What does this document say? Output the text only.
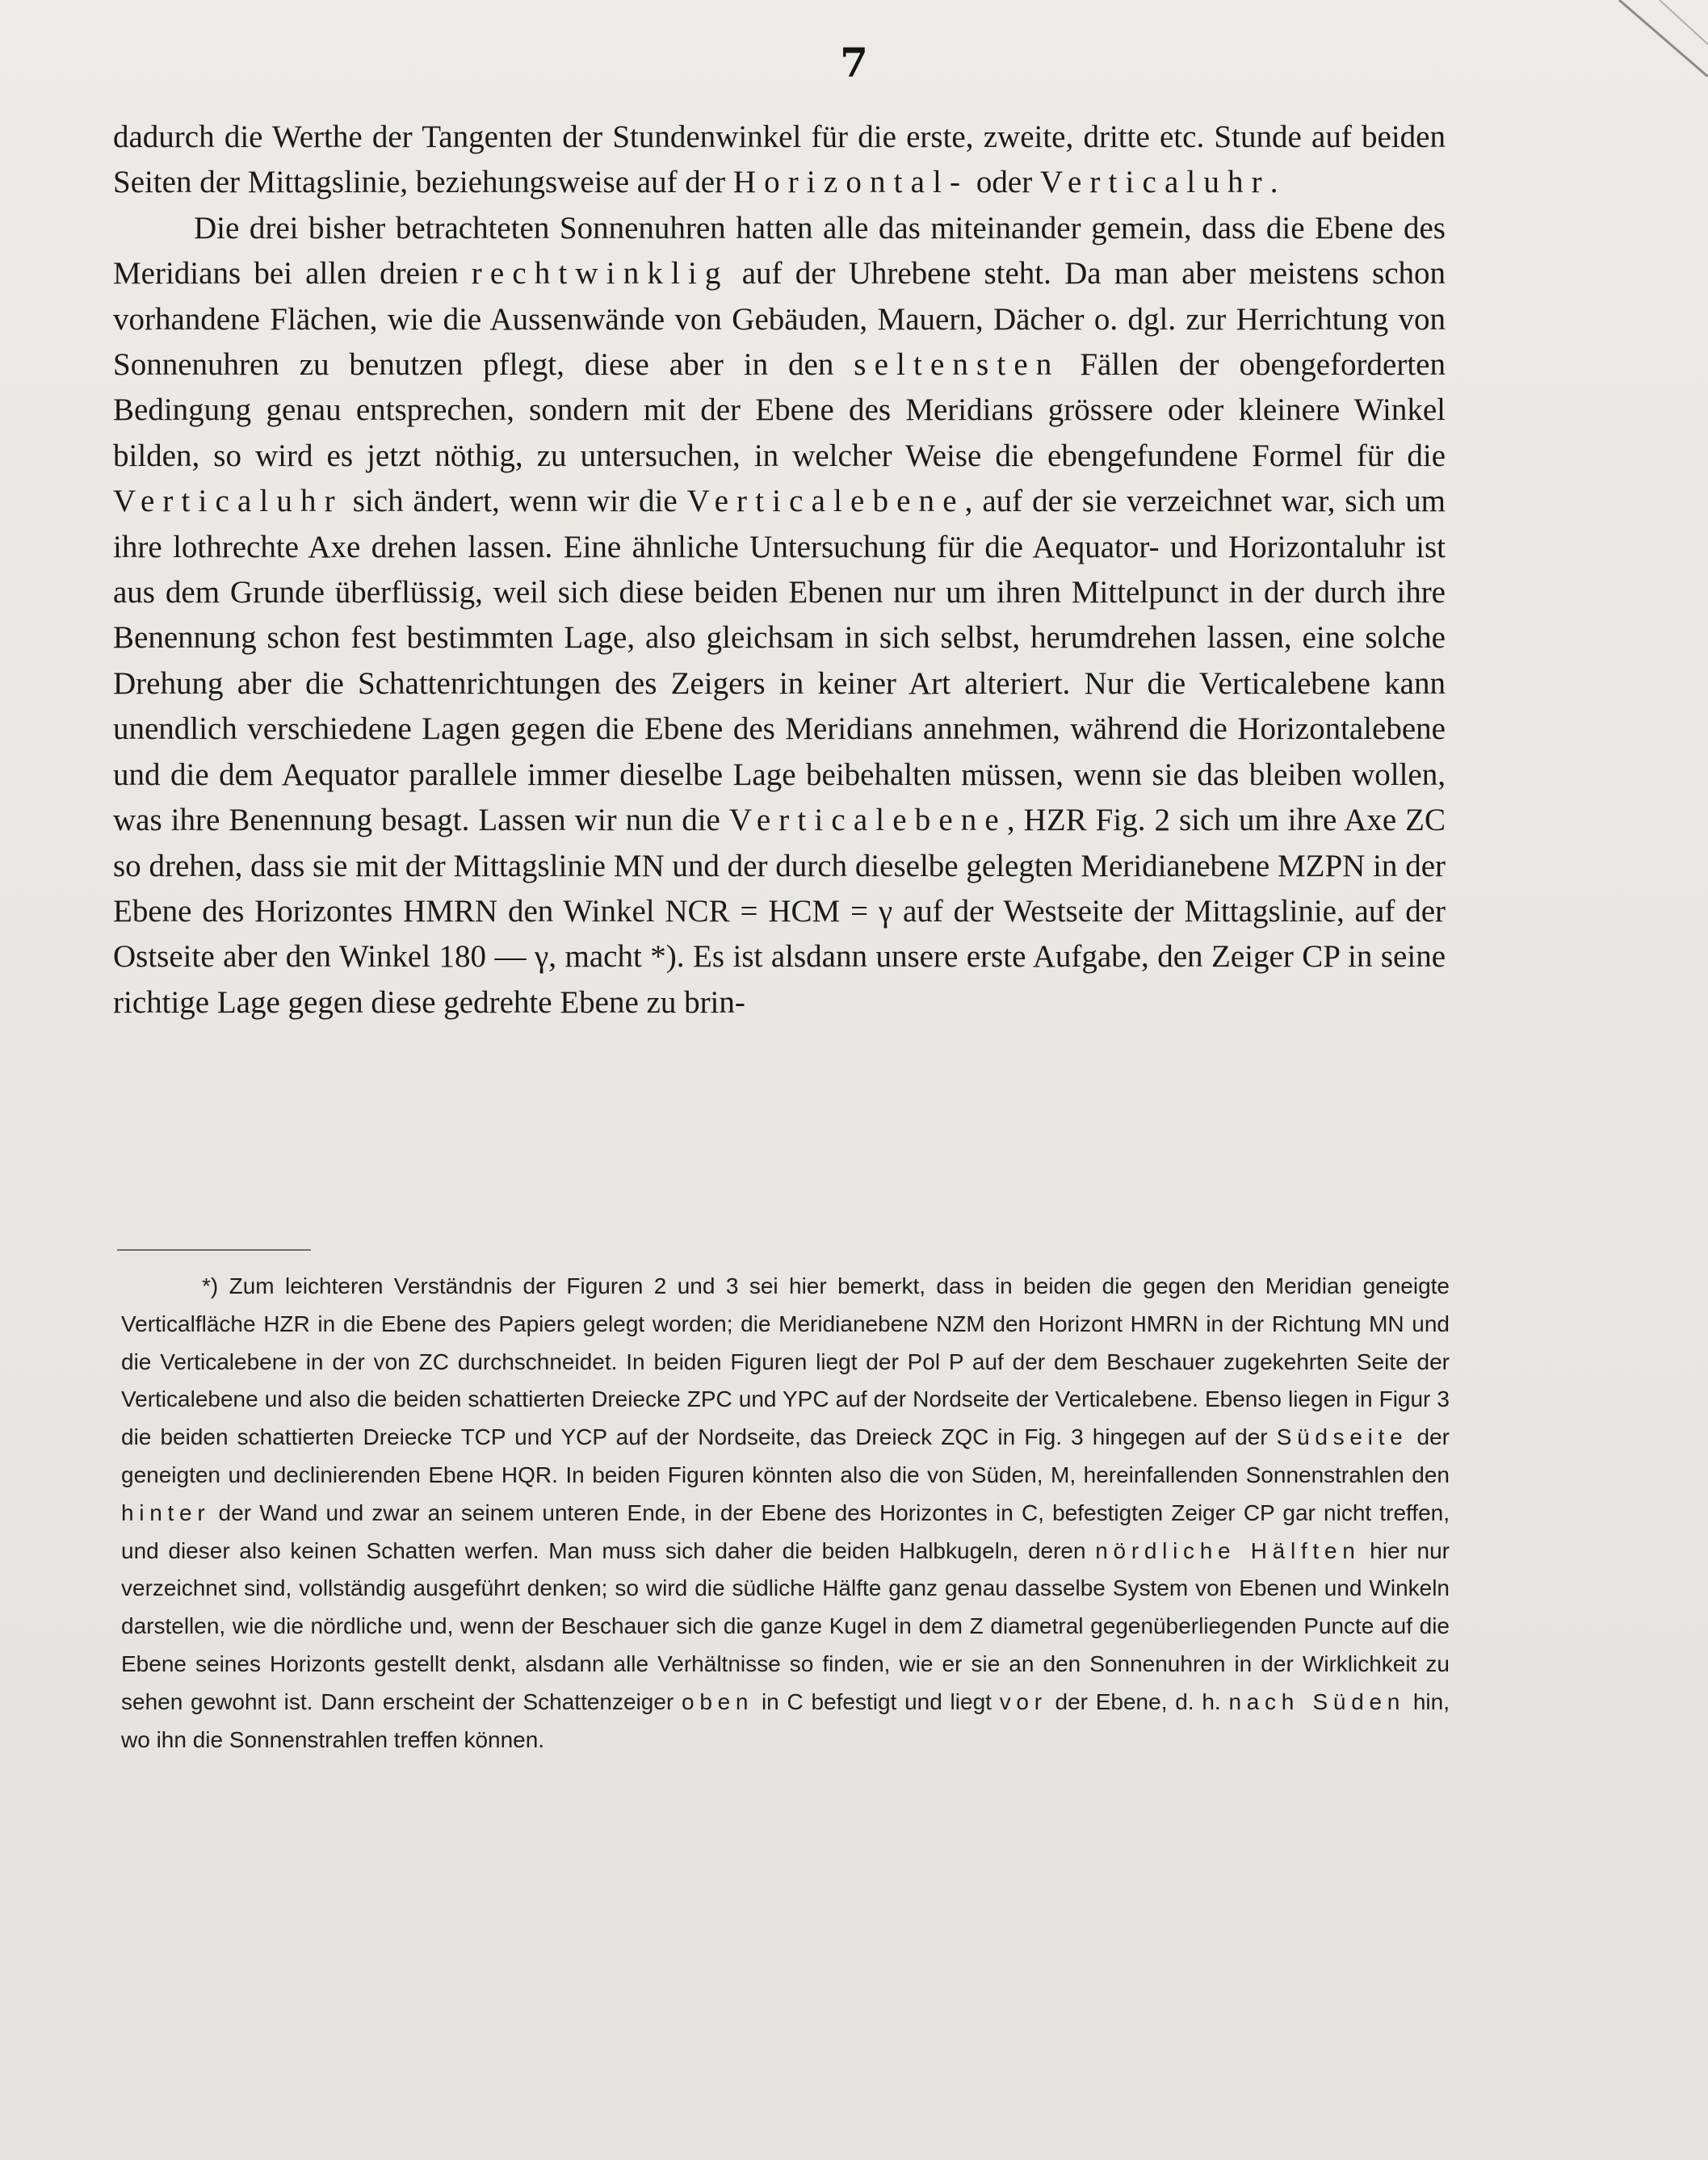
7

dadurch die Werthe der Tangenten der Stundenwinkel für die erste, zweite, dritte etc. Stunde auf beiden Seiten der Mittagslinie, beziehungsweise auf der Horizontal- oder Verticaluhr.

Die drei bisher betrachteten Sonnenuhren hatten alle das miteinander gemein, dass die Ebene des Meridians bei allen dreien rechtwinklig auf der Uhrebene steht. Da man aber meistens schon vorhandene Flächen, wie die Aussenwände von Gebäuden, Mauern, Dächer o. dgl. zur Herrichtung von Sonnenuhren zu benutzen pflegt, diese aber in den seltensten Fällen der obengeforderten Bedingung genau entsprechen, sondern mit der Ebene des Meridians grössere oder kleinere Winkel bilden, so wird es jetzt nöthig, zu untersuchen, in welcher Weise die ebengefundene Formel für die Verticaluhr sich ändert, wenn wir die Verticalebene, auf der sie verzeichnet war, sich um ihre lothrechte Axe drehen lassen. Eine ähnliche Untersuchung für die Aequator- und Horizontaluhr ist aus dem Grunde überflüssig, weil sich diese beiden Ebenen nur um ihren Mittelpunct in der durch ihre Benennung schon fest bestimmten Lage, also gleichsam in sich selbst, herumdrehen lassen, eine solche Drehung aber die Schattenrichtungen des Zeigers in keiner Art alteriert. Nur die Verticalebene kann unendlich verschiedene Lagen gegen die Ebene des Meridians annehmen, während die Horizontalebene und die dem Aequator parallele immer dieselbe Lage beibehalten müssen, wenn sie das bleiben wollen, was ihre Benennung besagt. Lassen wir nun die Verticalebene, HZR Fig. 2 sich um ihre Axe ZC so drehen, dass sie mit der Mittagslinie MN und der durch dieselbe gelegten Meridianebene MZPN in der Ebene des Horizontes HMRN den Winkel NCR = HCM = γ auf der Westseite der Mittagslinie, auf der Ostseite aber den Winkel 180 — γ, macht *). Es ist alsdann unsere erste Aufgabe, den Zeiger CP in seine richtige Lage gegen diese gedrehte Ebene zu brin-

*) Zum leichteren Verständnis der Figuren 2 und 3 sei hier bemerkt, dass in beiden die gegen den Meridian geneigte Verticalfläche HZR in die Ebene des Papiers gelegt worden; die Meridianebene NZM den Horizont HMRN in der Richtung MN und die Verticalebene in der von ZC durchschneidet. In beiden Figuren liegt der Pol P auf der dem Beschauer zugekehrten Seite der Verticalebene und also die beiden schattierten Dreiecke ZPC und YPC auf der Nordseite der Verticalebene. Ebenso liegen in Figur 3 die beiden schattierten Dreiecke TCP und YCP auf der Nordseite, das Dreieck ZQC in Fig. 3 hingegen auf der Südseite der geneigten und declinierenden Ebene HQR. In beiden Figuren könnten also die von Süden, M, hereinfallenden Sonnenstrahlen den hinter der Wand und zwar an seinem unteren Ende, in der Ebene des Horizontes in C, befestigten Zeiger CP gar nicht treffen, und dieser also keinen Schatten werfen. Man muss sich daher die beiden Halbkugeln, deren nördliche Hälften hier nur verzeichnet sind, vollständig ausgeführt denken; so wird die südliche Hälfte ganz genau dasselbe System von Ebenen und Winkeln darstellen, wie die nördliche und, wenn der Beschauer sich die ganze Kugel in dem Z diametral gegenüberliegenden Puncte auf die Ebene seines Horizonts gestellt denkt, alsdann alle Verhältnisse so finden, wie er sie an den Sonnenuhren in der Wirklichkeit zu sehen gewohnt ist. Dann erscheint der Schattenzeiger oben in C befestigt und liegt vor der Ebene, d. h. nach Süden hin, wo ihn die Sonnenstrahlen treffen können.
